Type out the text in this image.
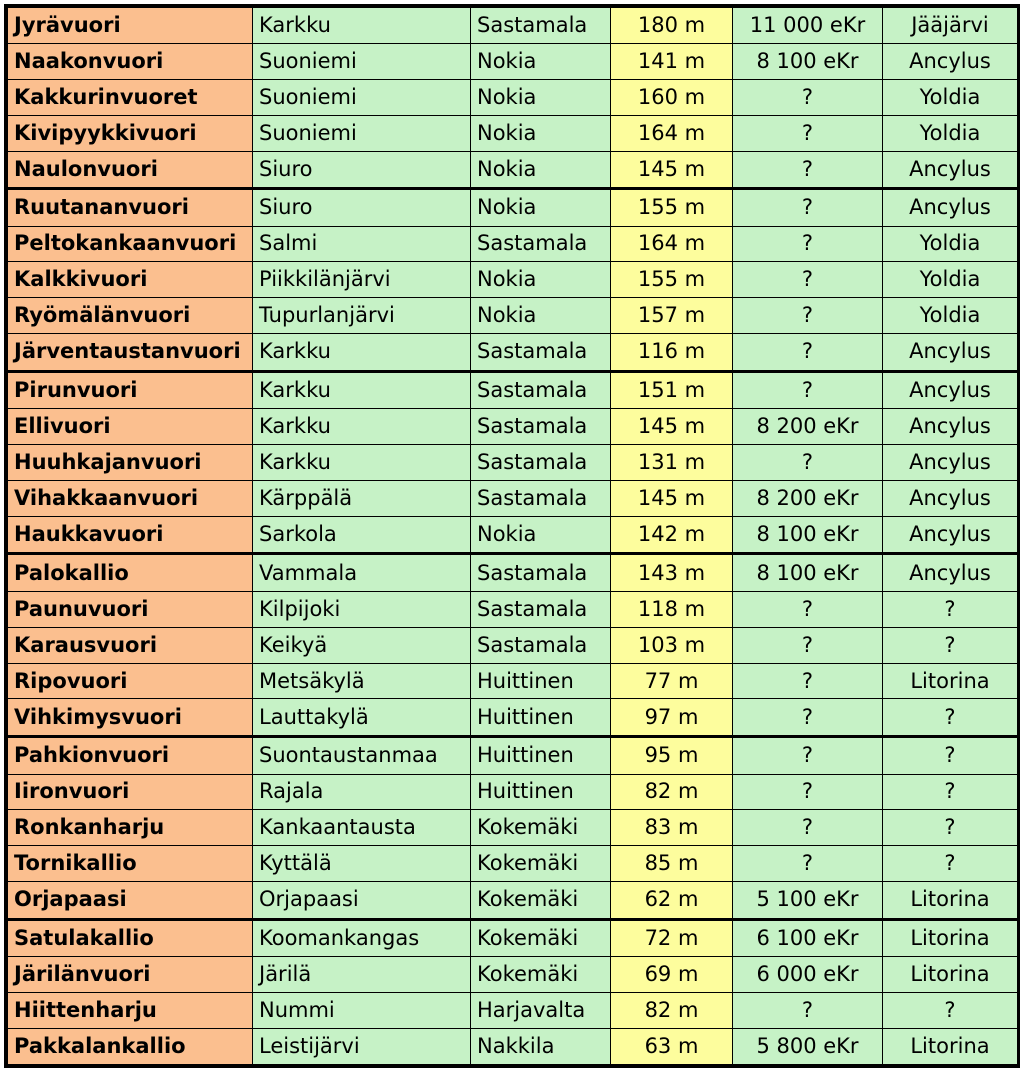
Jyrävuori	Karkku	Sastamala	180 m	11 000 eKr	Jääjärvi
Naakonvuori	Suoniemi	Nokia	141 m	8 100 eKr	Ancylus
Kakkurinvuoret	Suoniemi	Nokia	160 m	?	Yoldia
Kivipyykkivuori	Suoniemi	Nokia	164 m	?	Yoldia
Naulonvuori	Siuro	Nokia	145 m	?	Ancylus
Ruutananvuori	Siuro	Nokia	155 m	?	Ancylus
Peltokankaanvuori	Salmi	Sastamala	164 m	?	Yoldia
Kalkkivuori	Piikkilänjärvi	Nokia	155 m	?	Yoldia
Ryömälänvuori	Tupurlanjärvi	Nokia	157 m	?	Yoldia
Järventaustanvuori	Karkku	Sastamala	116 m	?	Ancylus
Pirunvuori	Karkku	Sastamala	151 m	?	Ancylus
Ellivuori	Karkku	Sastamala	145 m	8 200 eKr	Ancylus
Huuhkajanvuori	Karkku	Sastamala	131 m	?	Ancylus
Vihakkaanvuori	Kärppälä	Sastamala	145 m	8 200 eKr	Ancylus
Haukkavuori	Sarkola	Nokia	142 m	8 100 eKr	Ancylus
Palokallio	Vammala	Sastamala	143 m	8 100 eKr	Ancylus
Paunuvuori	Kilpijoki	Sastamala	118 m	?	?
Karausvuori	Keikyä	Sastamala	103 m	?	?
Ripovuori	Metsäkylä	Huittinen	77 m	?	Litorina
Vihkimysvuori	Lauttakylä	Huittinen	97 m	?	?
Pahkionvuori	Suontaustanmaa	Huittinen	95 m	?	?
Iironvuori	Rajala	Huittinen	82 m	?	?
Ronkanharju	Kankaantausta	Kokemäki	83 m	?	?
Tornikallio	Kyttälä	Kokemäki	85 m	?	?
Orjapaasi	Orjapaasi	Kokemäki	62 m	5 100 eKr	Litorina
Satulakallio	Koomankangas	Kokemäki	72 m	6 100 eKr	Litorina
Järilänvuori	Järilä	Kokemäki	69 m	6 000 eKr	Litorina
Hiittenharju	Nummi	Harjavalta	82 m	?	?
Pakkalankallio	Leistijärvi	Nakkila	63 m	5 800 eKr	Litorina
